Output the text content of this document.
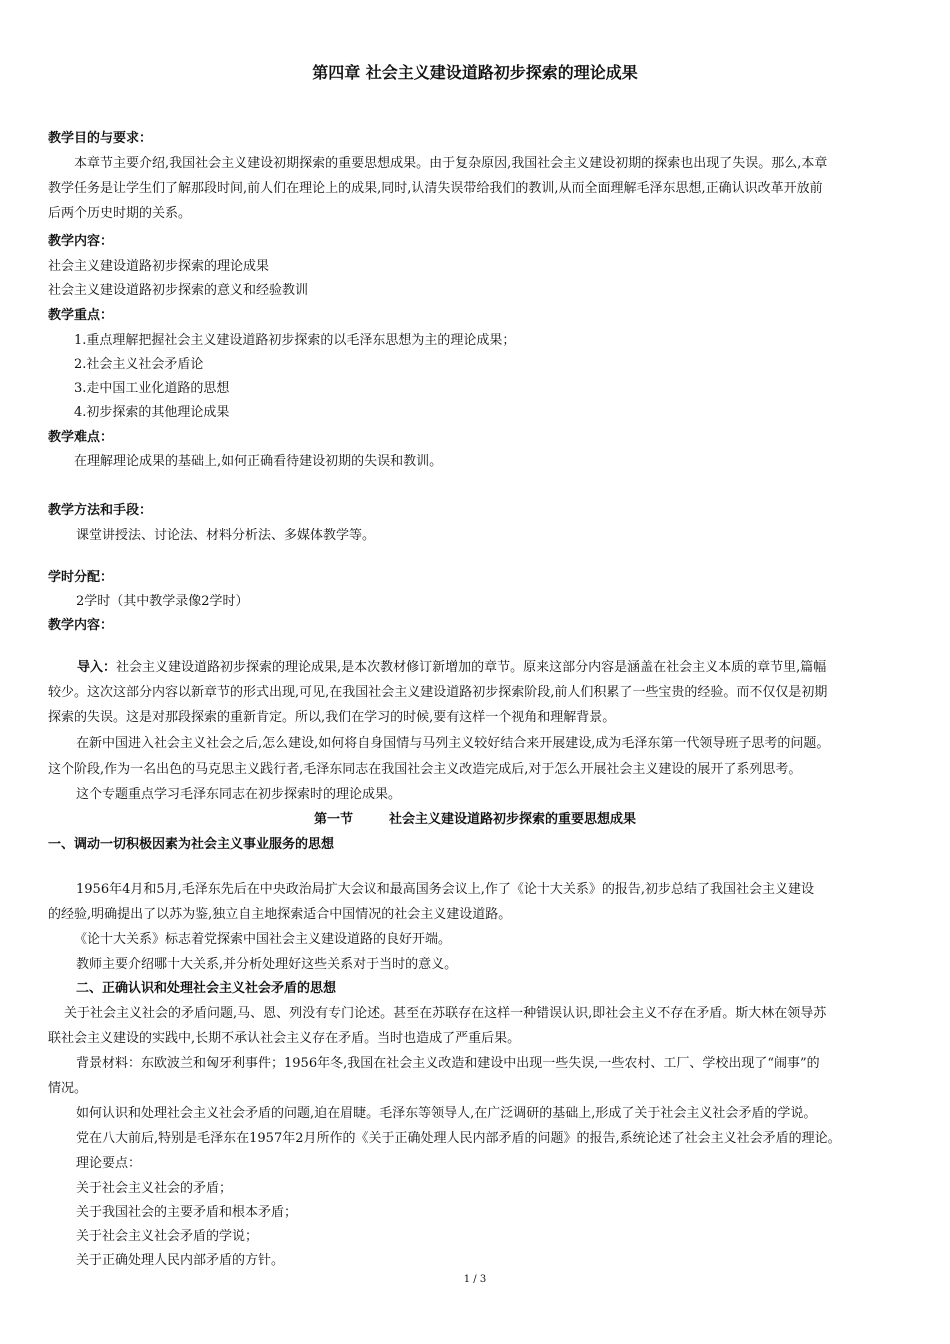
第四章 社会主义建设道路初步探索的理论成果
教学目的与要求：
本章节主要介绍,我国社会主义建设初期探索的重要思想成果。由于复杂原因,我国社会主义建设初期的探索也出现了失误。那么,本章
教学任务是让学生们了解那段时间,前人们在理论上的成果,同时,认清失误带给我们的教训,从而全面理解毛泽东思想,正确认识改革开放前
后两个历史时期的关系。
教学内容：
社会主义建设道路初步探索的理论成果
社会主义建设道路初步探索的意义和经验教训
教学重点：
1.重点理解把握社会主义建设道路初步探索的以毛泽东思想为主的理论成果；
2.社会主义社会矛盾论
3.走中国工业化道路的思想
4.初步探索的其他理论成果
教学难点：
在理解理论成果的基础上,如何正确看待建设初期的失误和教训。
教学方法和手段：
课堂讲授法、讨论法、材料分析法、多媒体教学等。
学时分配：
2学时（其中教学录像2学时）
教学内容：
导入：社会主义建设道路初步探索的理论成果,是本次教材修订新增加的章节。原来这部分内容是涵盖在社会主义本质的章节里,篇幅
较少。这次这部分内容以新章节的形式出现,可见,在我国社会主义建设道路初步探索阶段,前人们积累了一些宝贵的经验。而不仅仅是初期
探索的失误。这是对那段探索的重新肯定。所以,我们在学习的时候,要有这样一个视角和理解背景。
在新中国进入社会主义社会之后,怎么建设,如何将自身国情与马列主义较好结合来开展建设,成为毛泽东第一代领导班子思考的问题。
这个阶段,作为一名出色的马克思主义践行者,毛泽东同志在我国社会主义改造完成后,对于怎么开展社会主义建设的展开了系列思考。
这个专题重点学习毛泽东同志在初步探索时的理论成果。
第一节	社会主义建设道路初步探索的重要思想成果
一、调动一切积极因素为社会主义事业服务的思想
1956年4月和5月,毛泽东先后在中央政治局扩大会议和最高国务会议上,作了《论十大关系》的报告,初步总结了我国社会主义建设
的经验,明确提出了以苏为鉴,独立自主地探索适合中国情况的社会主义建设道路。
《论十大关系》标志着党探索中国社会主义建设道路的良好开端。
教师主要介绍哪十大关系,并分析处理好这些关系对于当时的意义。
二、正确认识和处理社会主义社会矛盾的思想
关于社会主义社会的矛盾问题,马、恩、列没有专门论述。甚至在苏联存在这样一种错误认识,即社会主义不存在矛盾。斯大林在领导苏
联社会主义建设的实践中,长期不承认社会主义存在矛盾。当时也造成了严重后果。
背景材料：东欧波兰和匈牙利事件；1956年冬,我国在社会主义改造和建设中出现一些失误,一些农村、工厂、学校出现了“闹事”的
情况。
如何认识和处理社会主义社会矛盾的问题,迫在眉睫。毛泽东等领导人,在广泛调研的基础上,形成了关于社会主义社会矛盾的学说。
党在八大前后,特别是毛泽东在1957年2月所作的《关于正确处理人民内部矛盾的问题》的报告,系统论述了社会主义社会矛盾的理论。
理论要点：
关于社会主义社会的矛盾；
关于我国社会的主要矛盾和根本矛盾；
关于社会主义社会矛盾的学说；
关于正确处理人民内部矛盾的方针。
1 / 3
